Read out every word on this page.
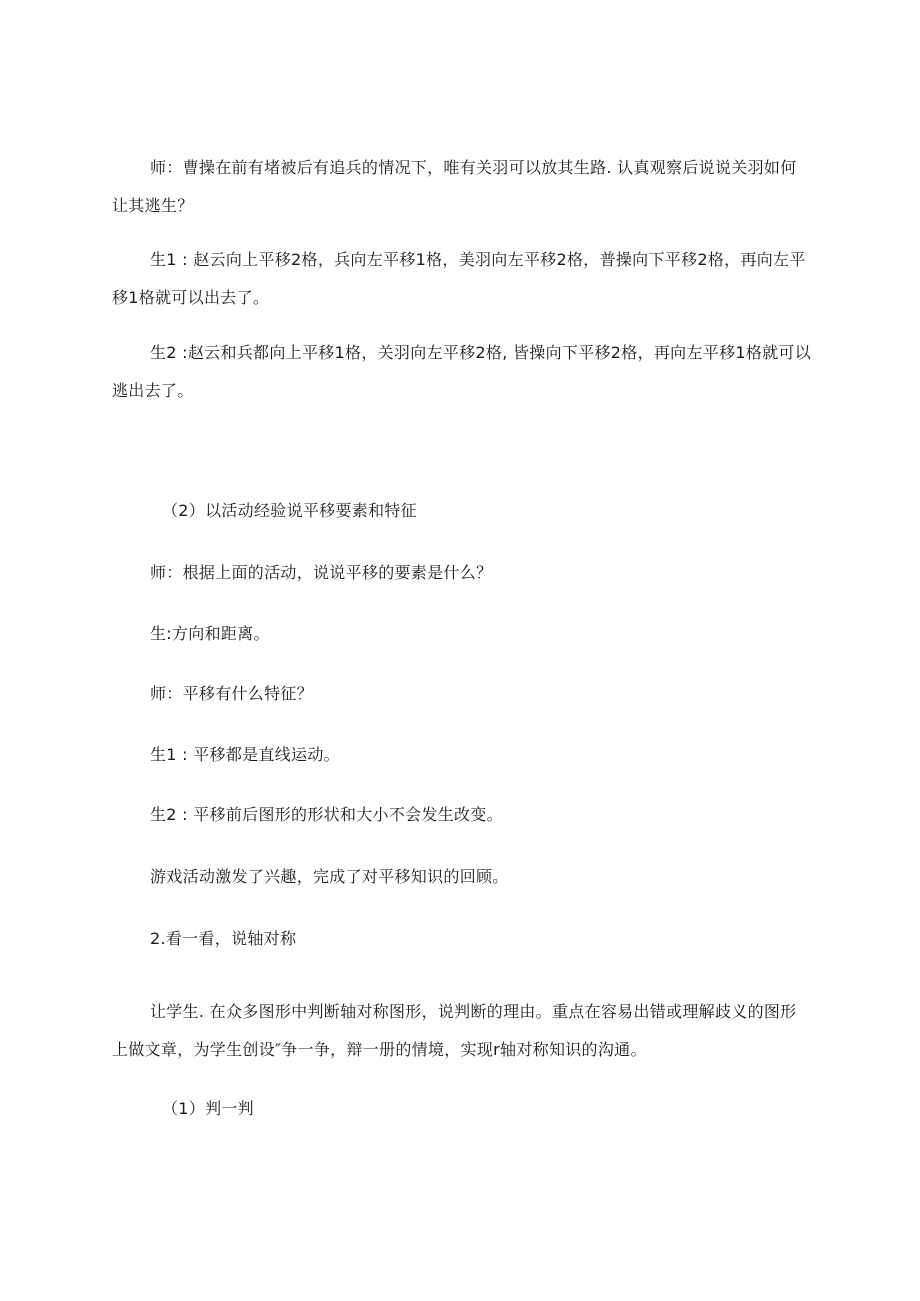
师：曹操在前有堵被后有追兵的情况下，唯有关羽可以放其生路. 认真观察后说说关羽如何让其逃生？

生1 : 赵云向上平移2格，兵向左平移1格，美羽向左平移2格，普操向下平移2格，再向左平移1格就可以出去了。

生2 :赵云和兵都向上平移1格，关羽向左平移2格, 皆操向下平移2格，再向左平移1格就可以逃出去了。

（2）以活动经验说平移要素和特征

师：根据上面的活动，说说平移的要素是什么？

生:方向和距离。

师：平移有什么特征？

生1 : 平移都是直线运动。

生2 : 平移前后图形的形状和大小不会发生改变。

游戏活动激发了兴趣，完成了对平移知识的回顾。

2.看一看，说轴对称

让学生. 在众多图形中判断轴对称图形，说判断的理由。重点在容易出错或理解歧义的图形上做文章，为学生创设″争一争，辩一册的情境，实现r轴对称知识的沟通。

（1）判一判
